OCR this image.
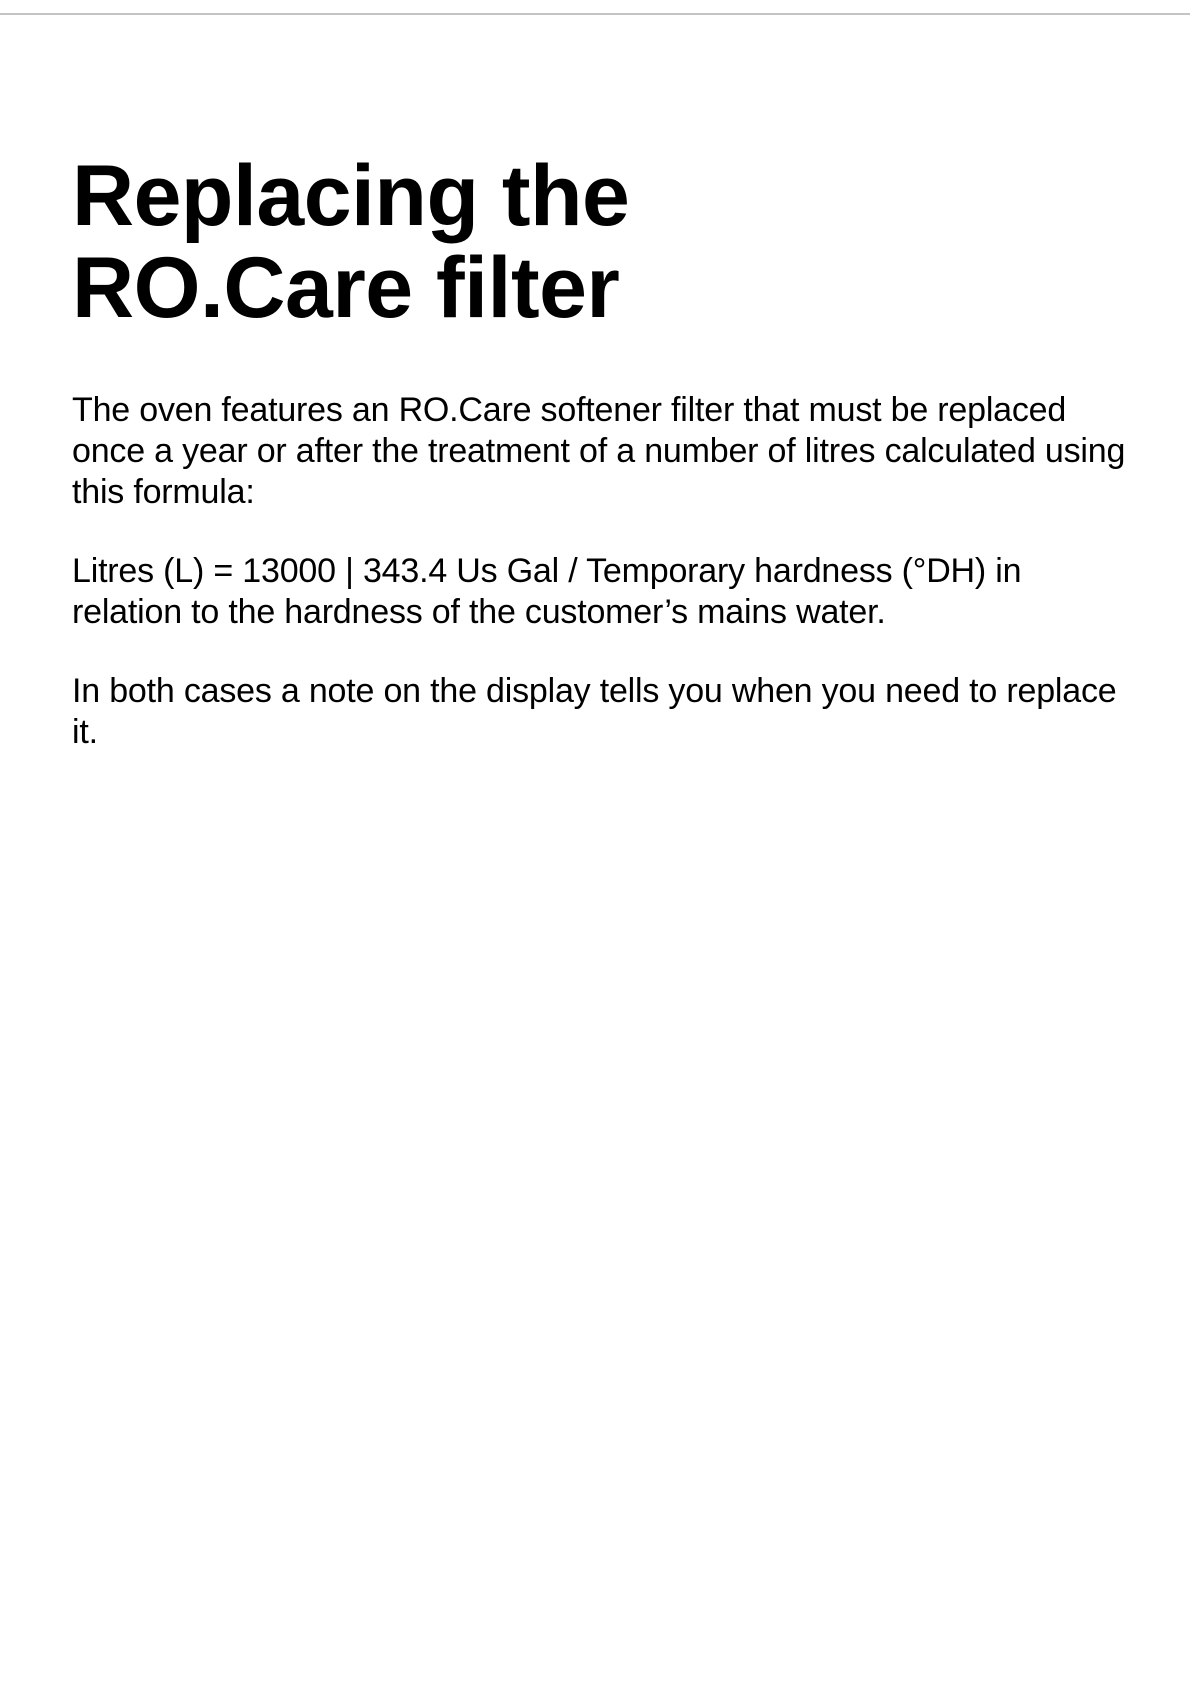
Replacing the RO.Care filter

The oven features an RO.Care softener filter that must be replaced once a year or after the treatment of a number of litres calculated using this formula:

Litres (L) = 13000 | 343.4 Us Gal / Temporary hardness (°DH) in relation to the hardness of the customer’s mains water.

In both cases a note on the display tells you when you need to replace it.
